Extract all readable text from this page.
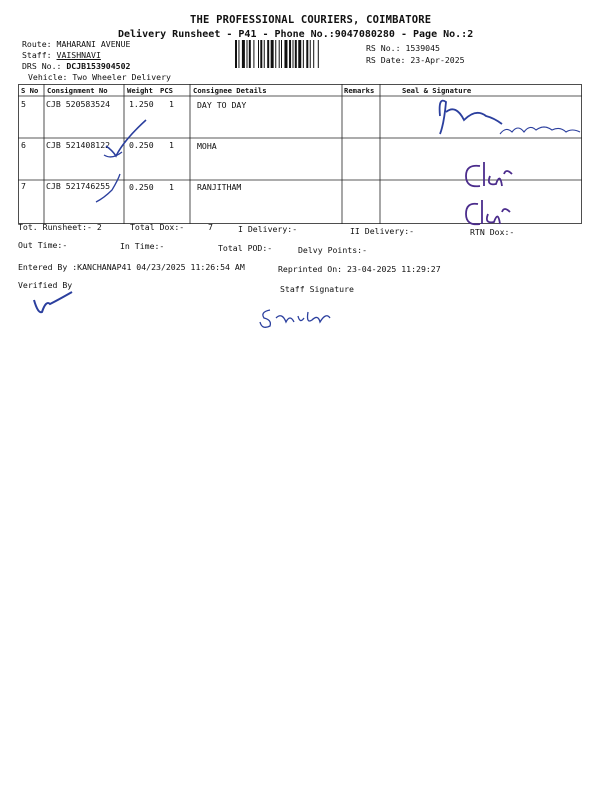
THE PROFESSIONAL COURIERS, COIMBATORE
Delivery Runsheet - P41 - Phone No.:9047080280 - Page No.:2
Route: MAHARANI AVENUE
Staff: VAISHNAVI
DRS No.: DCJB153904502
Vehicle: Two Wheeler Delivery
RS No.: 1539045
RS Date: 23-Apr-2025
S No Consignment No	Weight PCS	Consignee Details	Remarks	Seal & Signature
5 CJB 520583524 1.250 1	DAY TO DAY
6 CJB 521408122 0.250 1	MOHA
7 CJB 521746255 0.250 1	RANJITHAM
Tot. Runsheet:- 2	Total Dox:-	7	I Delivery:-	II Delivery:-	RTN Dox:-
Out Time:-	In Time:-	Total POD:-	Delvy Points:-
Entered By :KANCHANAP41 04/23/2025 11:26:54 AM	Reprinted On: 23-04-2025 11:29:27
Verified By	Staff Signature
